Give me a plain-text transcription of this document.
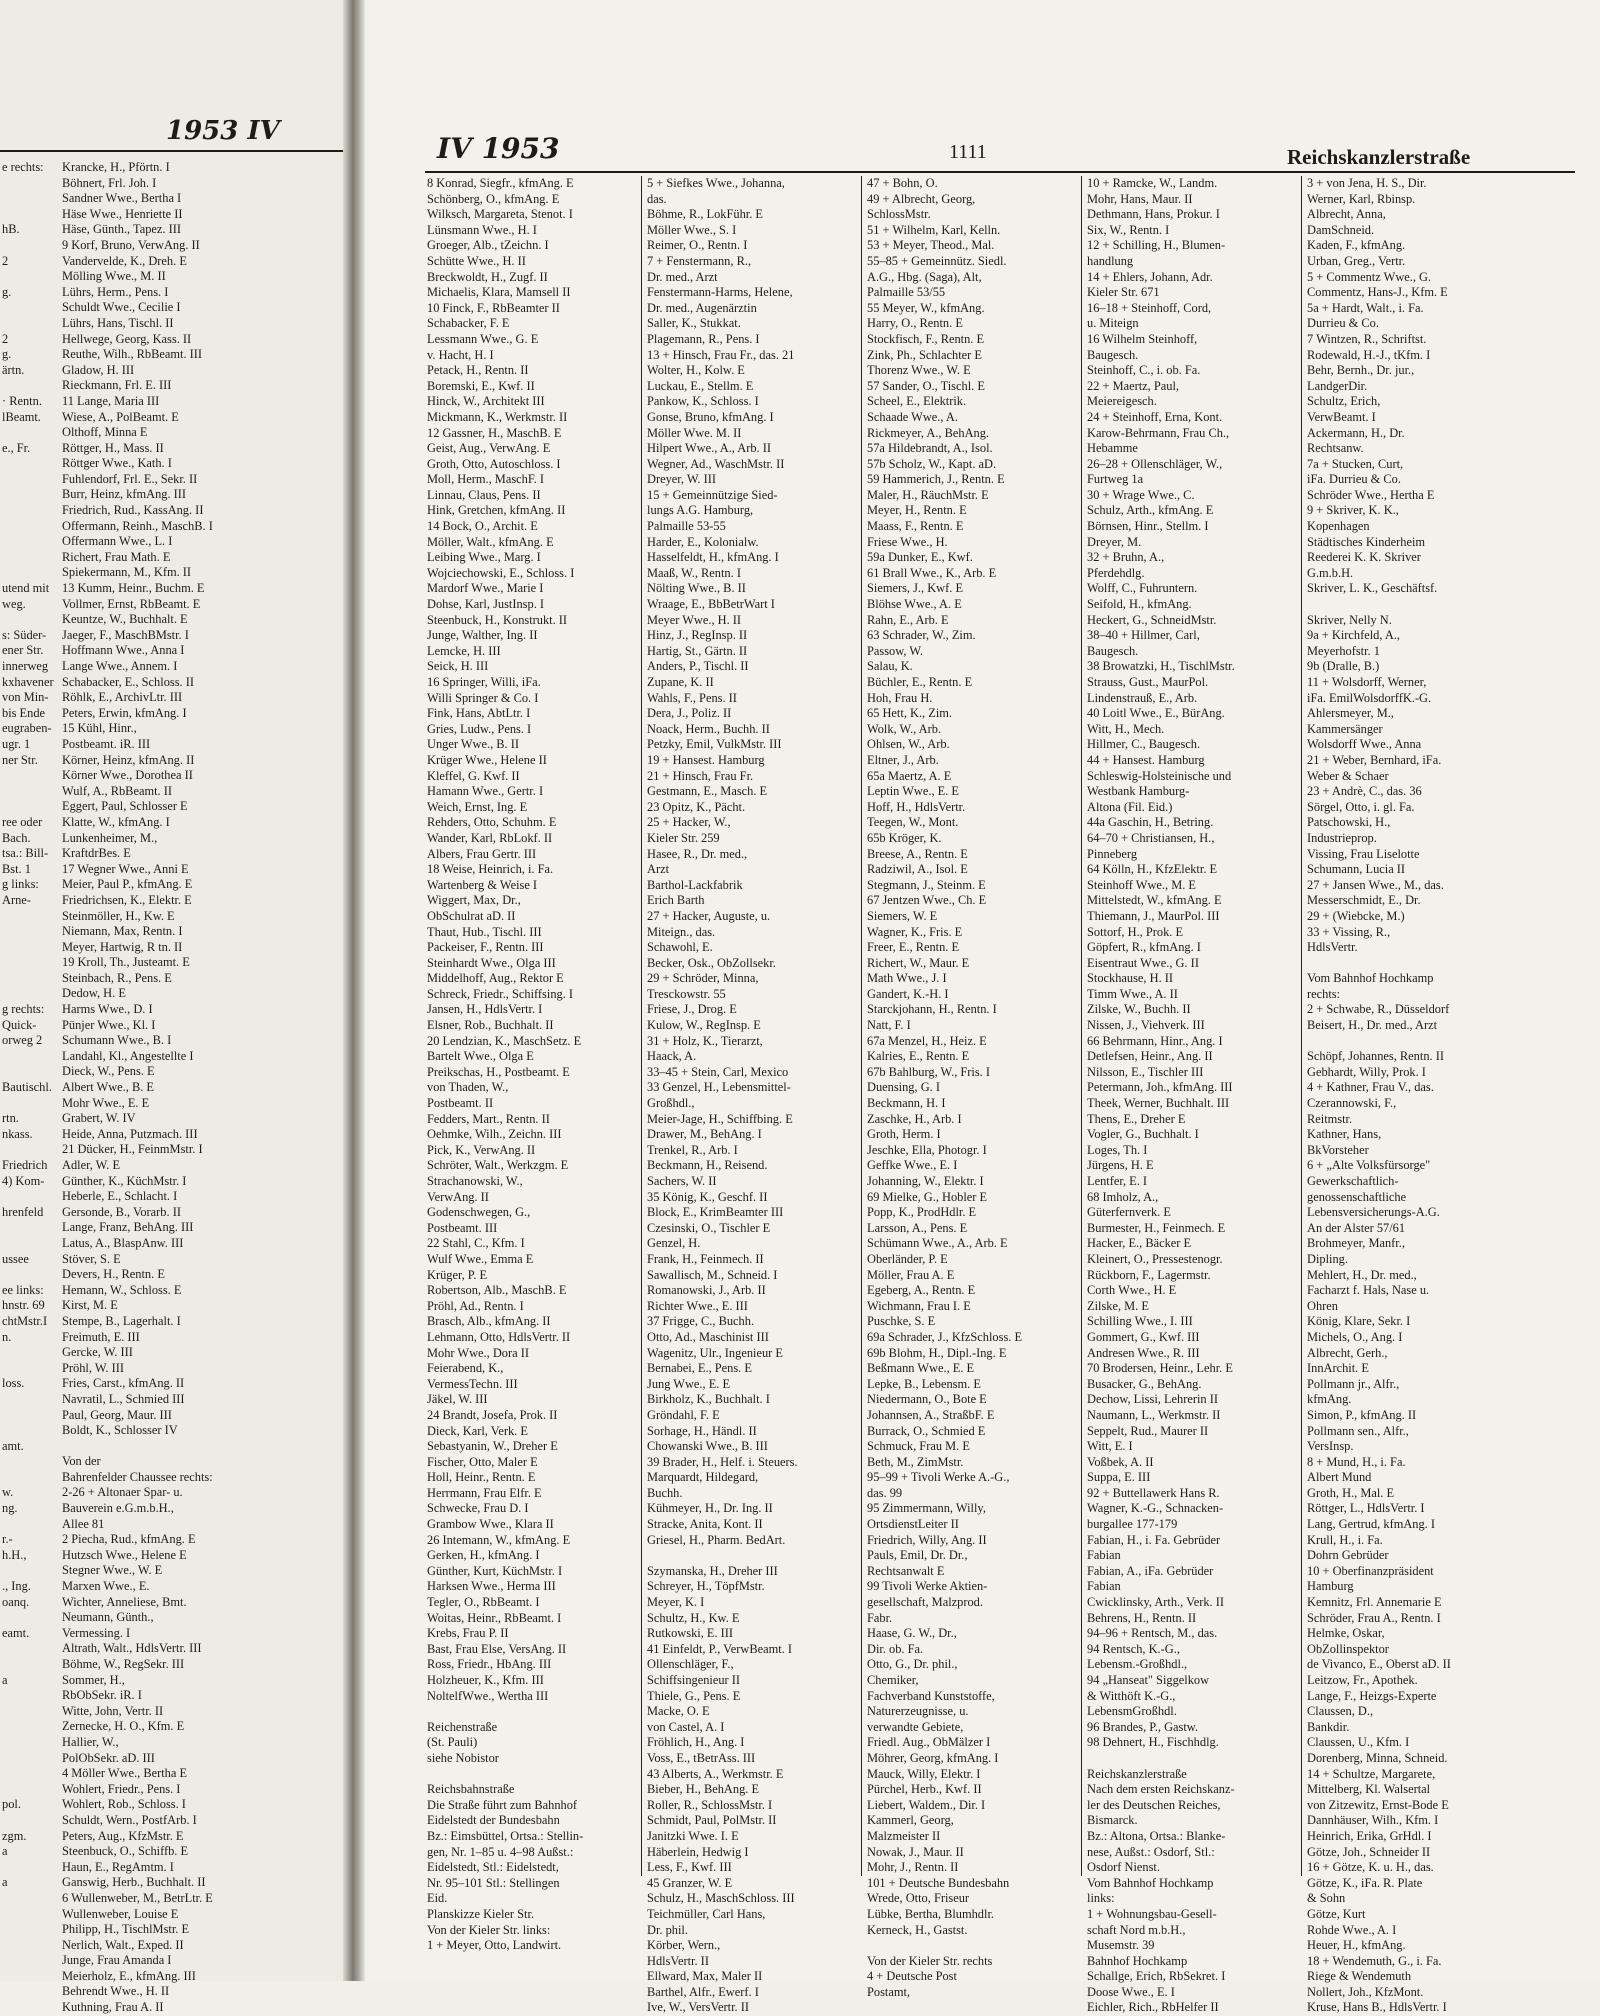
1953 IV
e rechts:
hB.
2
g.
2
g.
ärtn.
· Rentn.
lBeamt.
e., Fr.
utend mit
weg.
s: Süder-
ener Str.
innerweg
kxhavener
von Min-
bis Ende
eugraben-
ugr. 1
ner Str.
ree oder
Bach.
tsa.: Bill-
Bst. 1
g links:
Arne-
g rechts:
Quick-
orweg 2
Bautischl.
rtn.
nkass.
Friedrich
4) Kom-
hrenfeld
ussee
ee links:
hnstr. 69
chtMstr.I
n.
loss.
amt.
w.
ng.
r.-
h.H.,
., Ing.
oanq.
eamt.
a
pol.
zgm.
a
a
Krancke, H., Pförtn. I
Böhnert, Frl. Joh. I
Sandner Wwe., Bertha I
Häse Wwe., Henriette II
Häse, Günth., Tapez. III
9 Korf, Bruno, VerwAng. II
Vandervelde, K., Dreh. E
Mölling Wwe., M. II
Lührs, Herm., Pens. I
Schuldt Wwe., Cecilie I
Lührs, Hans, Tischl. II
Hellwege, Georg, Kass. II
Reuthe, Wilh., RbBeamt. III
Gladow, H. III
Rieckmann, Frl. E. III
11 Lange, Maria III
Wiese, A., PolBeamt. E
Olthoff, Minna E
Röttger, H., Mass. II
Röttger Wwe., Kath. I
Fuhlendorf, Frl. E., Sekr. II
Burr, Heinz, kfmAng. III
Friedrich, Rud., KassAng. II
Offermann, Reinh., MaschB. I
Offermann Wwe., L. I
Richert, Frau Math. E
Spiekermann, M., Kfm. II
13 Kumm, Heinr., Buchm. E
Vollmer, Ernst, RbBeamt. E
Keuntze, W., Buchhalt. E
Jaeger, F., MaschBMstr. I
Hoffmann Wwe., Anna I
Lange Wwe., Annem. I
Schabacker, E., Schloss. II
Röhlk, E., ArchivLtr. III
Peters, Erwin, kfmAng. I
15 Kühl, Hinr.,
Postbeamt. iR. III
Körner, Heinz, kfmAng. II
Körner Wwe., Dorothea II
Wulf, A., RbBeamt. II
Eggert, Paul, Schlosser E
Klatte, W., kfmAng. I
Lunkenheimer, M.,
KraftdrBes. E
17 Wegner Wwe., Anni E
Meier, Paul P., kfmAng. E
Friedrichsen, K., Elektr. E
Steinmöller, H., Kw. E
Niemann, Max, Rentn. I
Meyer, Hartwig, R tn. II
19 Kroll, Th., Justeamt. E
Steinbach, R., Pens. E
Dedow, H. E
Harms Wwe., D. I
Pünjer Wwe., Kl. I
Schumann Wwe., B. I
Landahl, Kl., Angestellte I
Dieck, W., Pens. E
Albert Wwe., B. E
Mohr Wwe., E. E
Grabert, W. IV
Heide, Anna, Putzmach. III
21 Dücker, H., FeinmMstr. I
Adler, W. E
Günther, K., KüchMstr. I
Heberle, E., Schlacht. I
Gersonde, B., Vorarb. II
Lange, Franz, BehAng. III
Latus, A., BlaspAnw. III
Stöver, S. E
Devers, H., Rentn. E
Hemann, W., Schloss. E
Kirst, M. E
Stempe, B., Lagerhalt. I
Freimuth, E. III
Gercke, W. III
Pröhl, W. III
Fries, Carst., kfmAng. II
Navratil, L., Schmied III
Paul, Georg, Maur. III
Boldt, K., Schlosser IV
Von der
Bahrenfelder Chaussee rechts:
2-26 + Altonaer Spar- u.
Bauverein e.G.m.b.H.,
Allee 81
2 Piecha, Rud., kfmAng. E
Hutzsch Wwe., Helene E
Stegner Wwe., W. E
Marxen Wwe., E.
Wichter, Anneliese, Bmt.
Neumann, Günth.,
Vermessing. I
Altrath, Walt., HdlsVertr. III
Böhme, W., RegSekr. III
Sommer, H.,
RbObSekr. iR. I
Witte, John, Vertr. II
Zernecke, H. O., Kfm. E
Hallier, W.,
PolObSekr. aD. III
4 Möller Wwe., Bertha E
Wohlert, Friedr., Pens. I
Wohlert, Rob., Schloss. I
Schuldt, Wern., PostfArb. I
Peters, Aug., KfzMstr. E
Steenbuck, O., Schiffb. E
Haun, E., RegAmtm. I
Ganswig, Herb., Buchhalt. II
6 Wullenweber, M., BetrLtr. E
Wullenweber, Louise E
Philipp, H., TischlMstr. E
Nerlich, Walt., Exped. II
Junge, Frau Amanda I
Meierholz, E., kfmAng. III
Behrendt Wwe., H. II
Kuthning, Frau A. II
IV 1953	1111	Reichskanzlerstraße
8 Konrad, Siegfr., kfmAng. E
Schönberg, O., kfmAng. E
Wilksch, Margareta, Stenot. I
Lünsmann Wwe., H. I
Groeger, Alb., tZeichn. I
Schütte Wwe., H. II
Breckwoldt, H., Zugf. II
Michaelis, Klara, Mamsell II
10 Finck, F., RbBeamter II
Schabacker, F. E
Lessmann Wwe., G. E
v. Hacht, H. I
Petack, H., Rentn. II
Boremski, E., Kwf. II
Hinck, W., Architekt III
Mickmann, K., Werkmstr. II
12 Gassner, H., MaschB. E
Geist, Aug., VerwAng. E
Groth, Otto, Autoschloss. I
Moll, Herm., MaschF. I
Linnau, Claus, Pens. II
Hink, Gretchen, kfmAng. II
14 Bock, O., Archit. E
Möller, Walt., kfmAng. E
Leibing Wwe., Marg. I
Wojciechowski, E., Schloss. I
Mardorf Wwe., Marie I
Dohse, Karl, JustInsp. I
Steenbuck, H., Konstrukt. II
Junge, Walther, Ing. II
Lemcke, H. III
Seick, H. III
16 Springer, Willi, iFa.
Willi Springer & Co. I
Fink, Hans, AbtLtr. I
Gries, Ludw., Pens. I
Unger Wwe., B. II
Krüger Wwe., Helene II
Kleffel, G. Kwf. II
Hamann Wwe., Gertr. I
Weich, Ernst, Ing. E
Rehders, Otto, Schuhm. E
Wander, Karl, RbLokf. II
Albers, Frau Gertr. III
18 Weise, Heinrich, i. Fa.
Wartenberg & Weise I
Wiggert, Max, Dr.,
ObSchulrat aD. II
Thaut, Hub., Tischl. III
Packeiser, F., Rentn. III
Steinhardt Wwe., Olga III
Middelhoff, Aug., Rektor E
Schreck, Friedr., Schiffsing. I
Jansen, H., HdlsVertr. I
Elsner, Rob., Buchhalt. II
20 Lendzian, K., MaschSetz. E
Bartelt Wwe., Olga E
Preikschas, H., Postbeamt. E
von Thaden, W.,
Postbeamt. II
Fedders, Mart., Rentn. II
Oehmke, Wilh., Zeichn. III
Pick, K., VerwAng. II
Schröter, Walt., Werkzgm. E
Strachanowski, W.,
VerwAng. II
Godenschwegen, G.,
Postbeamt. III
22 Stahl, C., Kfm. I
Wulf Wwe., Emma E
Krüger, P. E
Robertson, Alb., MaschB. E
Pröhl, Ad., Rentn. I
Brasch, Alb., kfmAng. II
Lehmann, Otto, HdlsVertr. II
Mohr Wwe., Dora II
Feierabend, K.,
VermessTechn. III
Jäkel, W. III
24 Brandt, Josefa, Prok. II
Dieck, Karl, Verk. E
Sebastyanin, W., Dreher E
Fischer, Otto, Maler E
Holl, Heinr., Rentn. E
Herrmann, Frau Elfr. E
Schwecke, Frau D. I
Grambow Wwe., Klara II
26 Intemann, W., kfmAng. E
Gerken, H., kfmAng. I
Günther, Kurt, KüchMstr. I
Harksen Wwe., Herma III
Tegler, O., RbBeamt. I
Woitas, Heinr., RbBeamt. I
Krebs, Frau P. II
Bast, Frau Else, VersAng. II
Ross, Friedr., HbAng. III
Holzheuer, K., Kfm. III
NoltelfWwe., Wertha III
Reichenstraße
(St. Pauli)
siehe Nobistor
Reichsbahnstraße
Die Straße führt zum Bahnhof
Eidelstedt der Bundesbahn
Bz.: Eimsbüttel, Ortsa.: Stellin-
gen, Nr. 1–85 u. 4–98 Außst.:
Eidelstedt, Stl.: Eidelstedt,
Nr. 95–101 Stl.: Stellingen
Eid.
Planskizze Kieler Str.
Von der Kieler Str. links:
1 + Meyer, Otto, Landwirt.
5 + Siefkes Wwe., Johanna,
das.
Böhme, R., LokFühr. E
Möller Wwe., S. I
Reimer, O., Rentn. I
7 + Fenstermann, R.,
Dr. med., Arzt
Fenstermann-Harms, Helene,
Dr. med., Augenärztin
Saller, K., Stukkat.
Plagemann, R., Pens. I
13 + Hinsch, Frau Fr., das. 21
Wolter, H., Kolw. E
Luckau, E., Stellm. E
Pankow, K., Schloss. I
Gonse, Bruno, kfmAng. I
Möller Wwe. M. II
Hilpert Wwe., A., Arb. II
Wegner, Ad., WaschMstr. II
Dreyer, W. III
15 + Gemeinnützige Sied-
lungs A.G. Hamburg,
Palmaille 53-55
Harder, E., Kolonialw.
Hasselfeldt, H., kfmAng. I
Maaß, W., Rentn. I
Nölting Wwe., B. II
Wraage, E., BbBetrWart I
Meyer Wwe., H. II
Hinz, J., RegInsp. II
Hartig, St., Gärtn. II
Anders, P., Tischl. II
Zupane, K. II
Wahls, F., Pens. II
Dera, J., Poliz. II
Noack, Herm., Buchh. II
Petzky, Emil, VulkMstr. III
19 + Hansest. Hamburg
21 + Hinsch, Frau Fr.
Gestmann, E., Masch. E
23 Opitz, K., Pächt.
25 + Hacker, W.,
Kieler Str. 259
Hasee, R., Dr. med.,
Arzt
Barthol-Lackfabrik
Erich Barth
27 + Hacker, Auguste, u.
Miteign., das.
Schawohl, E.
Becker, Osk., ObZollsekr.
29 + Schröder, Minna,
Tresckowstr. 55
Friese, J., Drog. E
Kulow, W., RegInsp. E
31 + Holz, K., Tierarzt,
Haack, A.
33–45 + Stein, Carl, Mexico
33 Genzel, H., Lebensmittel-
Großhdl.,
Meier-Jage, H., Schiffbing. E
Drawer, M., BehAng. I
Trenkel, R., Arb. I
Beckmann, H., Reisend.
Sachers, W. II
35 König, K., Geschf. II
Block, E., KrimBeamter III
Czesinski, O., Tischler E
Genzel, H.
Frank, H., Feinmech. II
Sawallisch, M., Schneid. I
Romanowski, J., Arb. II
Richter Wwe., E. III
37 Frigge, C., Buchh.
Otto, Ad., Maschinist III
Wagenitz, Ulr., Ingenieur E
Bernabei, E., Pens. E
Jung Wwe., E. E
Birkholz, K., Buchhalt. I
Gröndahl, F. E
Sorhage, H., Händl. II
Chowanski Wwe., B. III
39 Brader, H., Helf. i. Steuers.
Marquardt, Hildegard,
Buchh.
Kühmeyer, H., Dr. Ing. II
Stracke, Anita, Kont. II
Griesel, H., Pharm. BedArt.
Szymanska, H., Dreher III
Schreyer, H., TöpfMstr.
Meyer, K. I
Schultz, H., Kw. E
Rutkowski, E. III
41 Einfeldt, P., VerwBeamt. I
Ollenschläger, F.,
Schiffsingenieur II
Thiele, G., Pens. E
Macke, O. E
von Castel, A. I
Fröhlich, H., Ang. I
Voss, E., tBetrAss. III
43 Alberts, A., Werkmstr. E
Bieber, H., BehAng. E
Roller, R., SchlossMstr. I
Schmidt, Paul, PolMstr. II
Janitzki Wwe. I. E
Häberlein, Hedwig I
Less, F., Kwf. III
45 Granzer, W. E
Schulz, H., MaschSchloss. III
Teichmüller, Carl Hans,
Dr. phil.
Körber, Wern.,
HdlsVertr. II
Ellward, Max, Maler II
Barthel, Alfr., Ewerf. I
Ive, W., VersVertr. II
47 + Bohn, O.
49 + Albrecht, Georg,
SchlossMstr.
51 + Wilhelm, Karl, Kelln.
53 + Meyer, Theod., Mal.
55–85 + Gemeinnütz. Siedl.
A.G., Hbg. (Saga), Alt,
Palmaille 53/55
55 Meyer, W., kfmAng.
Harry, O., Rentn. E
Stockfisch, F., Rentn. E
Zink, Ph., Schlachter E
Thorenz Wwe., W. E
57 Sander, O., Tischl. E
Scheel, E., Elektrik.
Schaade Wwe., A.
Rickmeyer, A., BehAng.
57a Hildebrandt, A., Isol.
57b Scholz, W., Kapt. aD.
59 Hammerich, J., Rentn. E
Maler, H., RäuchMstr. E
Meyer, H., Rentn. E
Maass, F., Rentn. E
Friese Wwe., H.
59a Dunker, E., Kwf.
61 Brall Wwe., K., Arb. E
Siemers, J., Kwf. E
Blöhse Wwe., A. E
Rahn, E., Arb. E
63 Schrader, W., Zim.
Passow, W.
Salau, K.
Büchler, E., Rentn. E
Hoh, Frau H.
65 Hett, K., Zim.
Wolk, W., Arb.
Ohlsen, W., Arb.
Eltner, J., Arb.
65a Maertz, A. E
Leptin Wwe., E. E
Hoff, H., HdlsVertr.
Teegen, W., Mont.
65b Kröger, K.
Breese, A., Rentn. E
Radziwil, A., Isol. E
Stegmann, J., Steinm. E
67 Jentzen Wwe., Ch. E
Siemers, W. E
Wagner, K., Fris. E
Freer, E., Rentn. E
Richert, W., Maur. E
Math Wwe., J. I
Gandert, K.-H. I
Starckjohann, H., Rentn. I
Natt, F. I
67a Menzel, H., Heiz. E
Kalries, E., Rentn. E
67b Bahlburg, W., Fris. I
Duensing, G. I
Beckmann, H. I
Zaschke, H., Arb. I
Groth, Herm. I
Jeschke, Ella, Photogr. I
Geffke Wwe., E. I
Johanning, W., Elektr. I
69 Mielke, G., Hobler E
Popp, K., ProdHdlr. E
Larsson, A., Pens. E
Schümann Wwe., A., Arb. E
Oberländer, P. E
Möller, Frau A. E
Egeberg, A., Rentn. E
Wichmann, Frau I. E
Puschke, S. E
69a Schrader, J., KfzSchloss. E
69b Blohm, H., Dipl.-Ing. E
Beßmann Wwe., E. E
Lepke, B., Lebensm. E
Niedermann, O., Bote E
Johannsen, A., StraßbF. E
Burrack, O., Schmied E
Schmuck, Frau M. E
Beth, M., ZimMstr.
95–99 + Tivoli Werke A.-G.,
das. 99
95 Zimmermann, Willy,
OrtsdienstLeiter II
Friedrich, Willy, Ang. II
Pauls, Emil, Dr. Dr.,
Rechtsanwalt E
99 Tivoli Werke Aktien-
gesellschaft, Malzprod.
Fabr.
Haase, G. W., Dr.,
Dir. ob. Fa.
Otto, G., Dr. phil.,
Chemiker,
Fachverband Kunststoffe,
Naturerzeugnisse, u.
verwandte Gebiete,
Friedl. Aug., ObMälzer I
Möhrer, Georg, kfmAng. I
Mauck, Willy, Elektr. I
Pürchel, Herb., Kwf. II
Liebert, Waldem., Dir. I
Kammerl, Georg,
Malzmeister II
Nowak, J., Maur. II
Mohr, J., Rentn. II
101 + Deutsche Bundesbahn
Wrede, Otto, Friseur
Lübke, Bertha, Blumhdlr.
Kerneck, H., Gastst.
Von der Kieler Str. rechts
4 + Deutsche Post
Postamt,
10 + Ramcke, W., Landm.
Mohr, Hans, Maur. II
Dethmann, Hans, Prokur. I
Six, W., Rentn. I
12 + Schilling, H., Blumen-
handlung
14 + Ehlers, Johann, Adr.
Kieler Str. 671
16–18 + Steinhoff, Cord,
u. Miteign
16 Wilhelm Steinhoff,
Baugesch.
Steinhoff, C., i. ob. Fa.
22 + Maertz, Paul,
Meiereigesch.
24 + Steinhoff, Erna, Kont.
Karow-Behrmann, Frau Ch.,
Hebamme
26–28 + Ollenschläger, W.,
Furtweg 1a
30 + Wrage Wwe., C.
Schulz, Arth., kfmAng. E
Börnsen, Hinr., Stellm. I
Dreyer, M.
32 + Bruhn, A.,
Pferdehdlg.
Wolff, C., Fuhruntern.
Seifold, H., kfmAng.
Heckert, G., SchneidMstr.
38–40 + Hillmer, Carl,
Baugesch.
38 Browatzki, H., TischlMstr.
Strauss, Gust., MaurPol.
Lindenstrauß, E., Arb.
40 Loitl Wwe., E., BürAng.
Witt, H., Mech.
Hillmer, C., Baugesch.
44 + Hansest. Hamburg
Schleswig-Holsteinische und
Westbank Hamburg-
Altona (Fil. Eid.)
44a Gaschin, H., Betring.
64–70 + Christiansen, H.,
Pinneberg
64 Kölln, H., KfzElektr. E
Steinhoff Wwe., M. E
Mittelstedt, W., kfmAng. E
Thiemann, J., MaurPol. III
Sottorf, H., Prok. E
Göpfert, R., kfmAng. I
Eisentraut Wwe., G. II
Stockhause, H. II
Timm Wwe., A. II
Zilske, W., Buchh. II
Nissen, J., Viehverk. III
66 Behrmann, Hinr., Ang. I
Detlefsen, Heinr., Ang. II
Nilsson, E., Tischler III
Petermann, Joh., kfmAng. III
Theek, Werner, Buchhalt. III
Thens, E., Dreher E
Vogler, G., Buchhalt. I
Loges, Th. I
Jürgens, H. E
Lentfer, E. I
68 Imholz, A.,
Güterfernverk. E
Burmester, H., Feinmech. E
Hacker, E., Bäcker E
Kleinert, O., Pressestenogr.
Rückborn, F., Lagermstr.
Corth Wwe., H. E
Zilske, M. E
Schilling Wwe., I. III
Gommert, G., Kwf. III
Andresen Wwe., R. III
70 Brodersen, Heinr., Lehr. E
Busacker, G., BehAng.
Dechow, Lissi, Lehrerin II
Naumann, L., Werkmstr. II
Seppelt, Rud., Maurer II
Witt, E. I
Voßbek, A. II
Suppa, E. III
92 + Buttellawerk Hans R.
Wagner, K.-G., Schnacken-
burgallee 177-179
Fabian, H., i. Fa. Gebrüder
Fabian
Fabian, A., iFa. Gebrüder
Fabian
Cwicklinsky, Arth., Verk. II
Behrens, H., Rentn. II
94–96 + Rentsch, M., das.
94 Rentsch, K.-G.,
Lebensm.-Großhdl.,
94 „Hanseat" Siggelkow
& Witthöft K.-G.,
LebensmGroßhdl.
96 Brandes, P., Gastw.
98 Dehnert, H., Fischhdlg.
Reichskanzlerstraße
Nach dem ersten Reichskanz-
ler des Deutschen Reiches,
Bismarck.
Bz.: Altona, Ortsa.: Blanke-
nese, Außst.: Osdorf, Stl.:
Osdorf Nienst.
Vom Bahnhof Hochkamp
links:
1 + Wohnungsbau-Gesell-
schaft Nord m.b.H.,
Musemstr. 39
Bahnhof Hochkamp
Schallge, Erich, RbSekret. I
Doose Wwe., E. I
Eichler, Rich., RbHelfer II
3 + von Jena, H. S., Dir.
Werner, Karl, Rbinsp.
Albrecht, Anna,
DamSchneid.
Kaden, F., kfmAng.
Urban, Greg., Vertr.
5 + Commentz Wwe., G.
Commentz, Hans-J., Kfm. E
5a + Hardt, Walt., i. Fa.
Durrieu & Co.
7 Wintzen, R., Schriftst.
Rodewald, H.-J., tKfm. I
Behr, Bernh., Dr. jur.,
LandgerDir.
Schultz, Erich,
VerwBeamt. I
Ackermann, H., Dr.
Rechtsanw.
7a + Stucken, Curt,
iFa. Durrieu & Co.
Schröder Wwe., Hertha E
9 + Skriver, K. K.,
Kopenhagen
Städtisches Kinderheim
Reederei K. K. Skriver
G.m.b.H.
Skriver, L. K., Geschäftsf.
Skriver, Nelly N.
9a + Kirchfeld, A.,
Meyerhofstr. 1
9b (Dralle, B.)
11 + Wolsdorff, Werner,
iFa. EmilWolsdorffK.-G.
Ahlersmeyer, M.,
Kammersänger
Wolsdorff Wwe., Anna
21 + Weber, Bernhard, iFa.
Weber & Schaer
23 + Andrè, C., das. 36
Sörgel, Otto, i. gl. Fa.
Patschowski, H.,
Industrieprop.
Vissing, Frau Liselotte
Schumann, Lucia II
27 + Jansen Wwe., M., das.
Messerschmidt, E., Dr.
29 + (Wiebcke, M.)
33 + Vissing, R.,
HdlsVertr.
Vom Bahnhof Hochkamp
rechts:
2 + Schwabe, R., Düsseldorf
Beisert, H., Dr. med., Arzt
Schöpf, Johannes, Rentn. II
Gebhardt, Willy, Prok. I
4 + Kathner, Frau V., das.
Czerannowski, F.,
Reitmstr.
Kathner, Hans,
BkVorsteher
6 + „Alte Volksfürsorge"
Gewerkschaftlich-
genossenschaftliche
Lebensversicherungs-A.G.
An der Alster 57/61
Brohmeyer, Manfr.,
Dipling.
Mehlert, H., Dr. med.,
Facharzt f. Hals, Nase u.
Ohren
König, Klare, Sekr. I
Michels, O., Ang. I
Albrecht, Gerh.,
InnArchit. E
Pollmann jr., Alfr.,
kfmAng.
Simon, P., kfmAng. II
Pollmann sen., Alfr.,
VersInsp.
8 + Mund, H., i. Fa.
Albert Mund
Groth, H., Mal. E
Röttger, L., HdlsVertr. I
Lang, Gertrud, kfmAng. I
Krull, H., i. Fa.
Dohrn Gebrüder
10 + Oberfinanzpräsident
Hamburg
Kemnitz, Frl. Annemarie E
Schröder, Frau A., Rentn. I
Helmke, Oskar,
ObZollinspektor
de Vivanco, E., Oberst aD. II
Leitzow, Fr., Apothek.
Lange, F., Heizgs-Experte
Claussen, D.,
Bankdir.
Claussen, U., Kfm. I
Dorenberg, Minna, Schneid.
14 + Schultze, Margarete,
Mittelberg, Kl. Walsertal
von Zitzewitz, Ernst-Bode E
Dannhäuser, Wilh., Kfm. I
Heinrich, Erika, GrHdl. I
Götze, Joh., Schneider II
16 + Götze, K. u. H., das.
Götze, K., iFa. R. Plate
& Sohn
Götze, Kurt
Rohde Wwe., A. I
Heuer, H., kfmAng.
18 + Wendemuth, G., i. Fa.
Riege & Wendemuth
Nollert, Joh., KfzMont.
Kruse, Hans B., HdlsVertr. I
